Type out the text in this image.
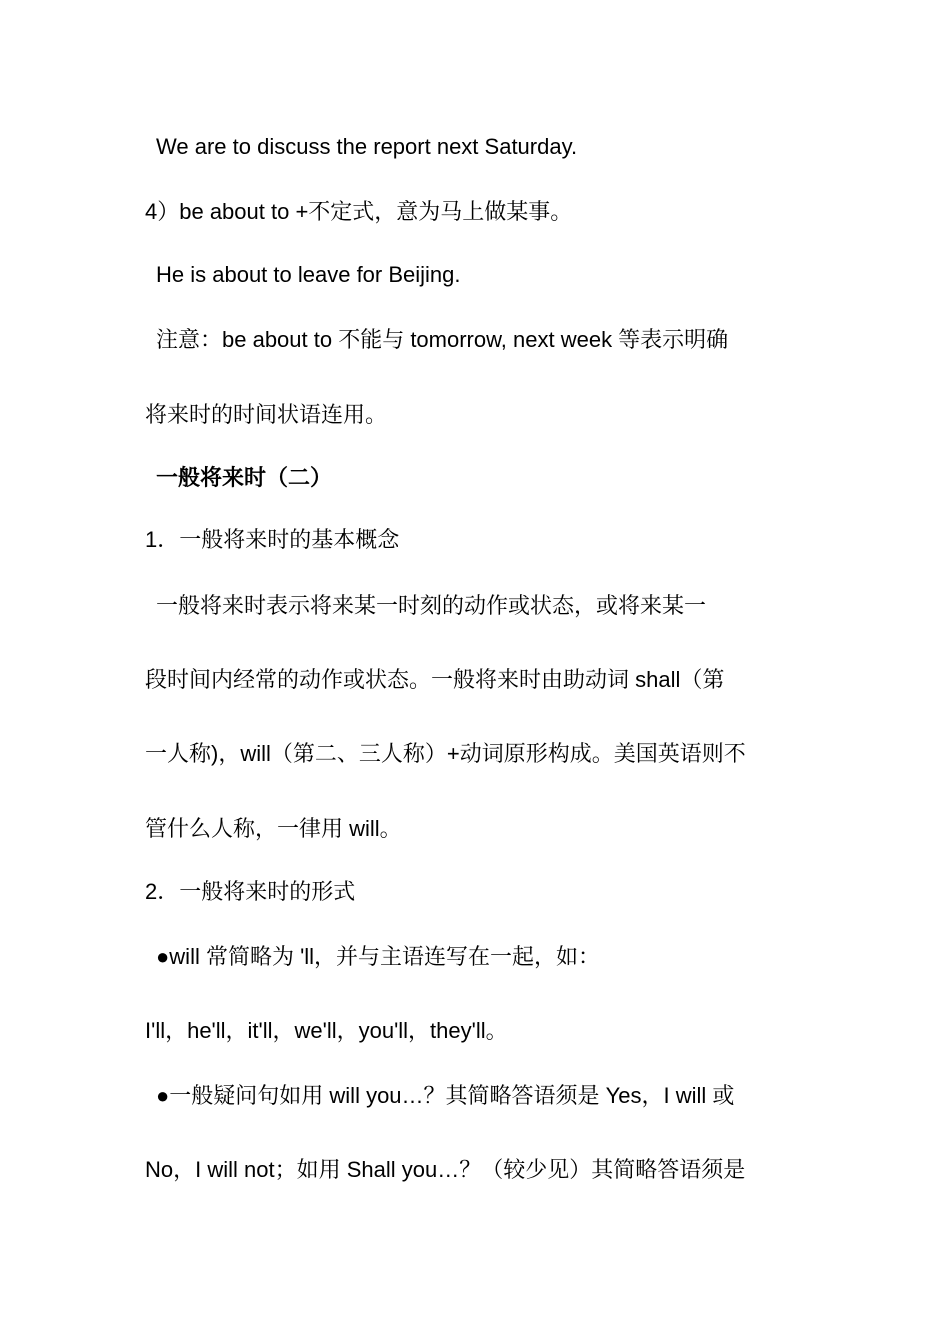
We are to discuss the report next Saturday.
4）be about to +不定式，意为马上做某事。
He is about to leave for Beijing.
注意：be about to 不能与 tomorrow, next week 等表示明确
将来时的时间状语连用。
一般将来时（二）
1．一般将来时的基本概念
一般将来时表示将来某一时刻的动作或状态，或将来某一
段时间内经常的动作或状态。一般将来时由助动词 shall（第
一人称)，will（第二、三人称）+动词原形构成。美国英语则不
管什么人称，一律用 will。
2．一般将来时的形式
●will 常简略为 'll，并与主语连写在一起，如：
I'll，he'll，it'll，we'll，you'll，they'll。
●一般疑问句如用 will you…？其简略答语须是 Yes，I will 或
No，I will not；如用 Shall you…？（较少见）其简略答语须是
